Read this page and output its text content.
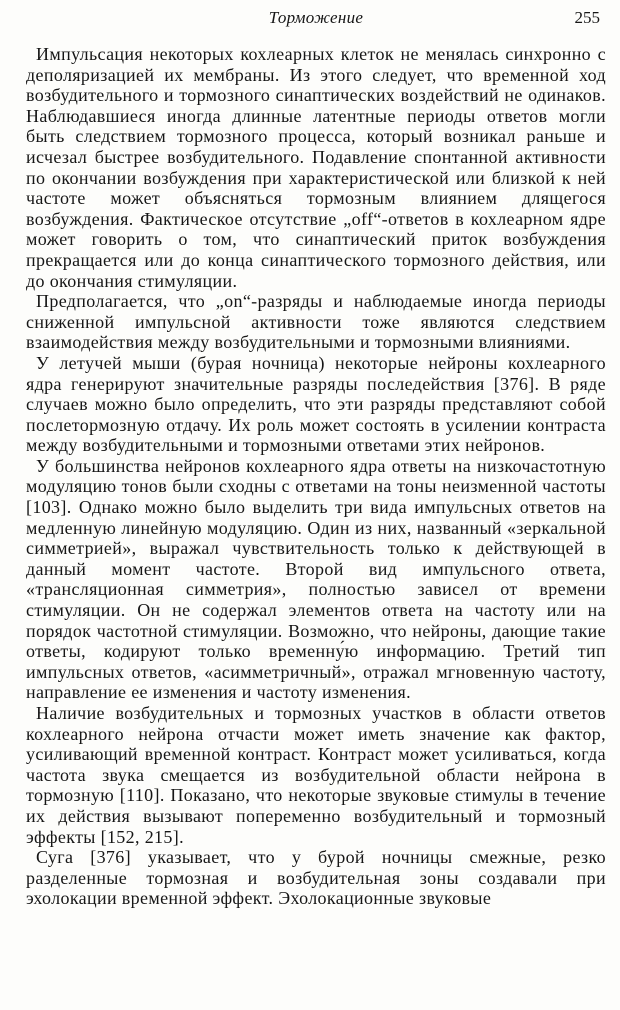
Торможение	255

Импульсация некоторых кохлеарных клеток не менялась синхронно с деполяризацией их мембраны. Из этого следует, что временной ход возбудительного и тормозного синаптических воздействий не одинаков. Наблюдавшиеся иногда длинные латентные периоды ответов могли быть следствием тормозного процесса, который возникал раньше и исчезал быстрее возбудительного. Подавление спонтанной активности по окончании возбуждения при характеристической или близкой к ней частоте может объясняться тормозным влиянием длящегося возбуждения. Фактическое отсутствие „off“-ответов в кохлеарном ядре может говорить о том, что синаптический приток возбуждения прекращается или до конца синаптического тормозного действия, или до окончания стимуляции.

Предполагается, что „on“-разряды и наблюдаемые иногда периоды сниженной импульсной активности тоже являются следствием взаимодействия между возбудительными и тормозными влияниями.

У летучей мыши (бурая ночница) некоторые нейроны кохлеарного ядра генерируют значительные разряды последействия [376]. В ряде случаев можно было определить, что эти разряды представляют собой послетормозную отдачу. Их роль может состоять в усилении контраста между возбудительными и тормозными ответами этих нейронов.

У большинства нейронов кохлеарного ядра ответы на низкочастотную модуляцию тонов были сходны с ответами на тоны неизменной частоты [103]. Однако можно было выделить три вида импульсных ответов на медленную линейную модуляцию. Один из них, названный «зеркальной симметрией», выражал чувствительность только к действующей в данный момент частоте. Второй вид импульсного ответа, «трансляционная симметрия», полностью зависел от времени стимуляции. Он не содержал элементов ответа на частоту или на порядок частотной стимуляции. Возможно, что нейроны, дающие такие ответы, кодируют только временну́ю информацию. Третий тип импульсных ответов, «асимметричный», отражал мгновенную частоту, направление ее изменения и частоту изменения.

Наличие возбудительных и тормозных участков в области ответов кохлеарного нейрона отчасти может иметь значение как фактор, усиливающий временной контраст. Контраст может усиливаться, когда частота звука смещается из возбудительной области нейрона в тормозную [110]. Показано, что некоторые звуковые стимулы в течение их действия вызывают попеременно возбудительный и тормозный эффекты [152, 215].

Суга [376] указывает, что у бурой ночницы смежные, резко разделенные тормозная и возбудительная зоны создавали при эхолокации временной эффект. Эхолокационные звуковые
